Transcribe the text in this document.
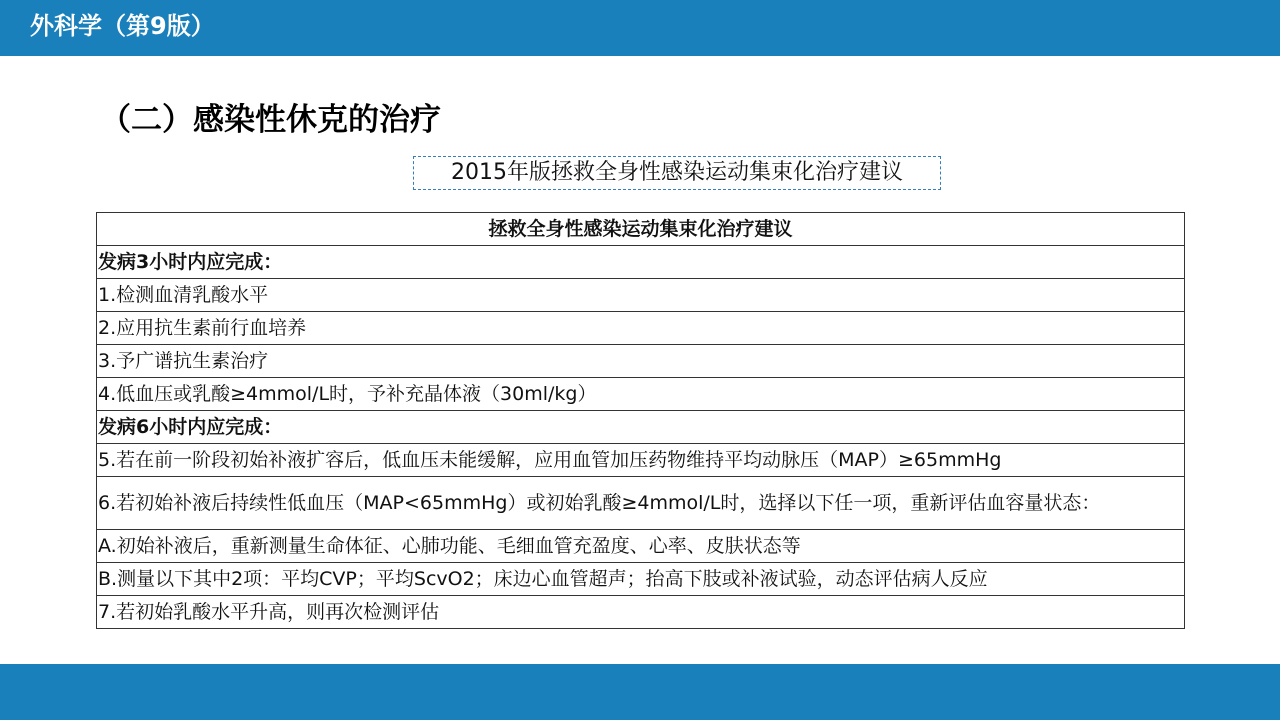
外科学（第9版）
（二）感染性休克的治疗
2015年版拯救全身性感染运动集束化治疗建议
拯救全身性感染运动集束化治疗建议
发病3小时内应完成：
1.检测血清乳酸水平
2.应用抗生素前行血培养
3.予广谱抗生素治疗
4.低血压或乳酸≥4mmol/L时，予补充晶体液（30ml/kg）
发病6小时内应完成：
5.若在前一阶段初始补液扩容后，低血压未能缓解，应用血管加压药物维持平均动脉压（MAP）≥65mmHg
6.若初始补液后持续性低血压（MAP<65mmHg）或初始乳酸≥4mmol/L时，选择以下任一项，重新评估血容量状态：
A.初始补液后，重新测量生命体征、心肺功能、毛细血管充盈度、心率、皮肤状态等
B.测量以下其中2项：平均CVP；平均ScvO2；床边心血管超声；抬高下肢或补液试验，动态评估病人反应
7.若初始乳酸水平升高，则再次检测评估
